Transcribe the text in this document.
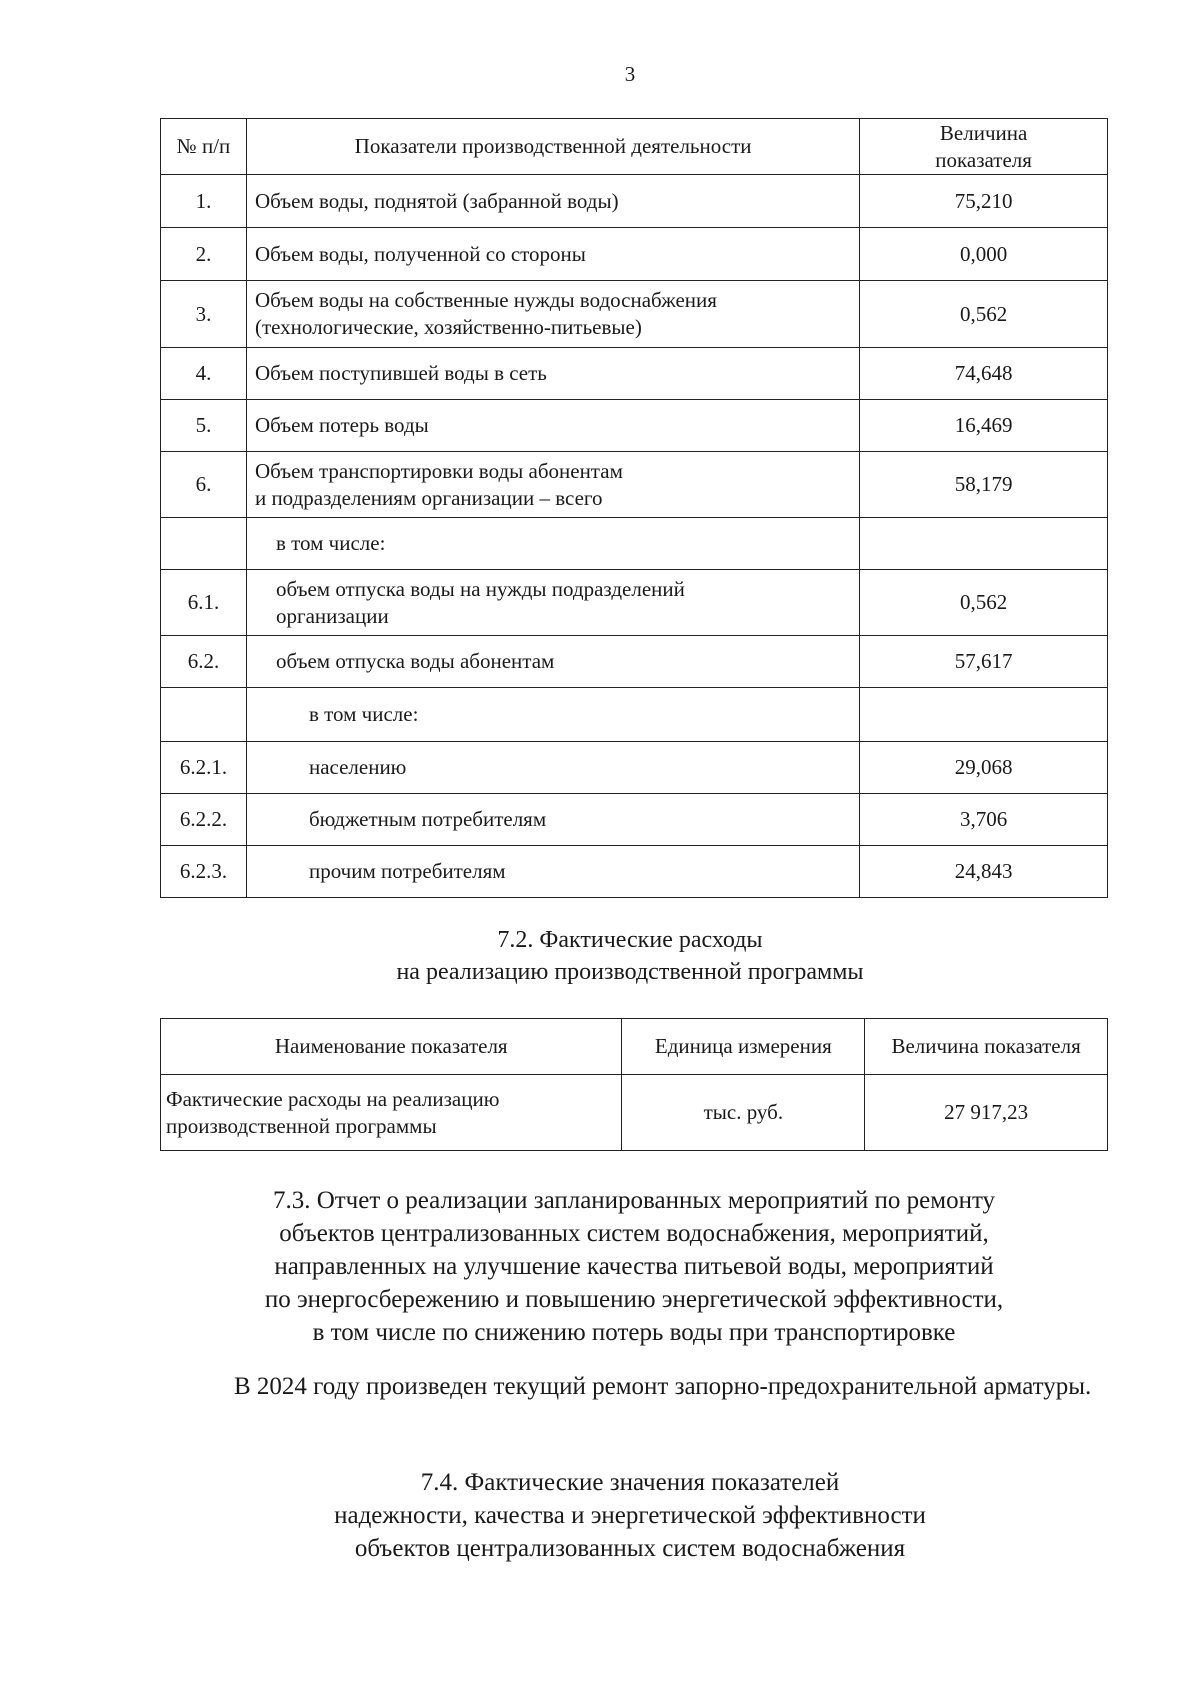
3
№ п/п	Показатели производственной деятельности	Величина
показателя

1.	Объем воды, поднятой (забранной воды)	75,210
2.	Объем воды, полученной со стороны	0,000
3.	Объем воды на собственные нужды водоснабжения
(технологические, хозяйственно-питьевые)	0,562
4.	Объем поступившей воды в сеть	74,648
5.	Объем потерь воды	16,469
6.	Объем транспортировки воды абонентам
и подразделениям организации – всего	58,179
	в том числе:	
6.1.	объем отпуска воды на нужды подразделений
организации	0,562
6.2.	объем отпуска воды абонентам	57,617
	в том числе:	
6.2.1.	населению	29,068
6.2.2.	бюджетным потребителям	3,706
6.2.3.	прочим потребителям	24,843
7.2. Фактические расходы
на реализацию производственной программы
Наименование показателя	Единица измерения	Величина показателя

Фактические расходы на реализацию
производственной программы	тыс. руб.	27 917,23
7.3. Отчет о реализации запланированных мероприятий по ремонту
объектов централизованных систем водоснабжения, мероприятий,
направленных на улучшение качества питьевой воды, мероприятий
по энергосбережению и повышению энергетической эффективности,
в том числе по снижению потерь воды при транспортировке
В 2024 году произведен текущий ремонт запорно-предохранительной арматуры.
7.4. Фактические значения показателей
надежности, качества и энергетической эффективности
объектов централизованных систем водоснабжения
